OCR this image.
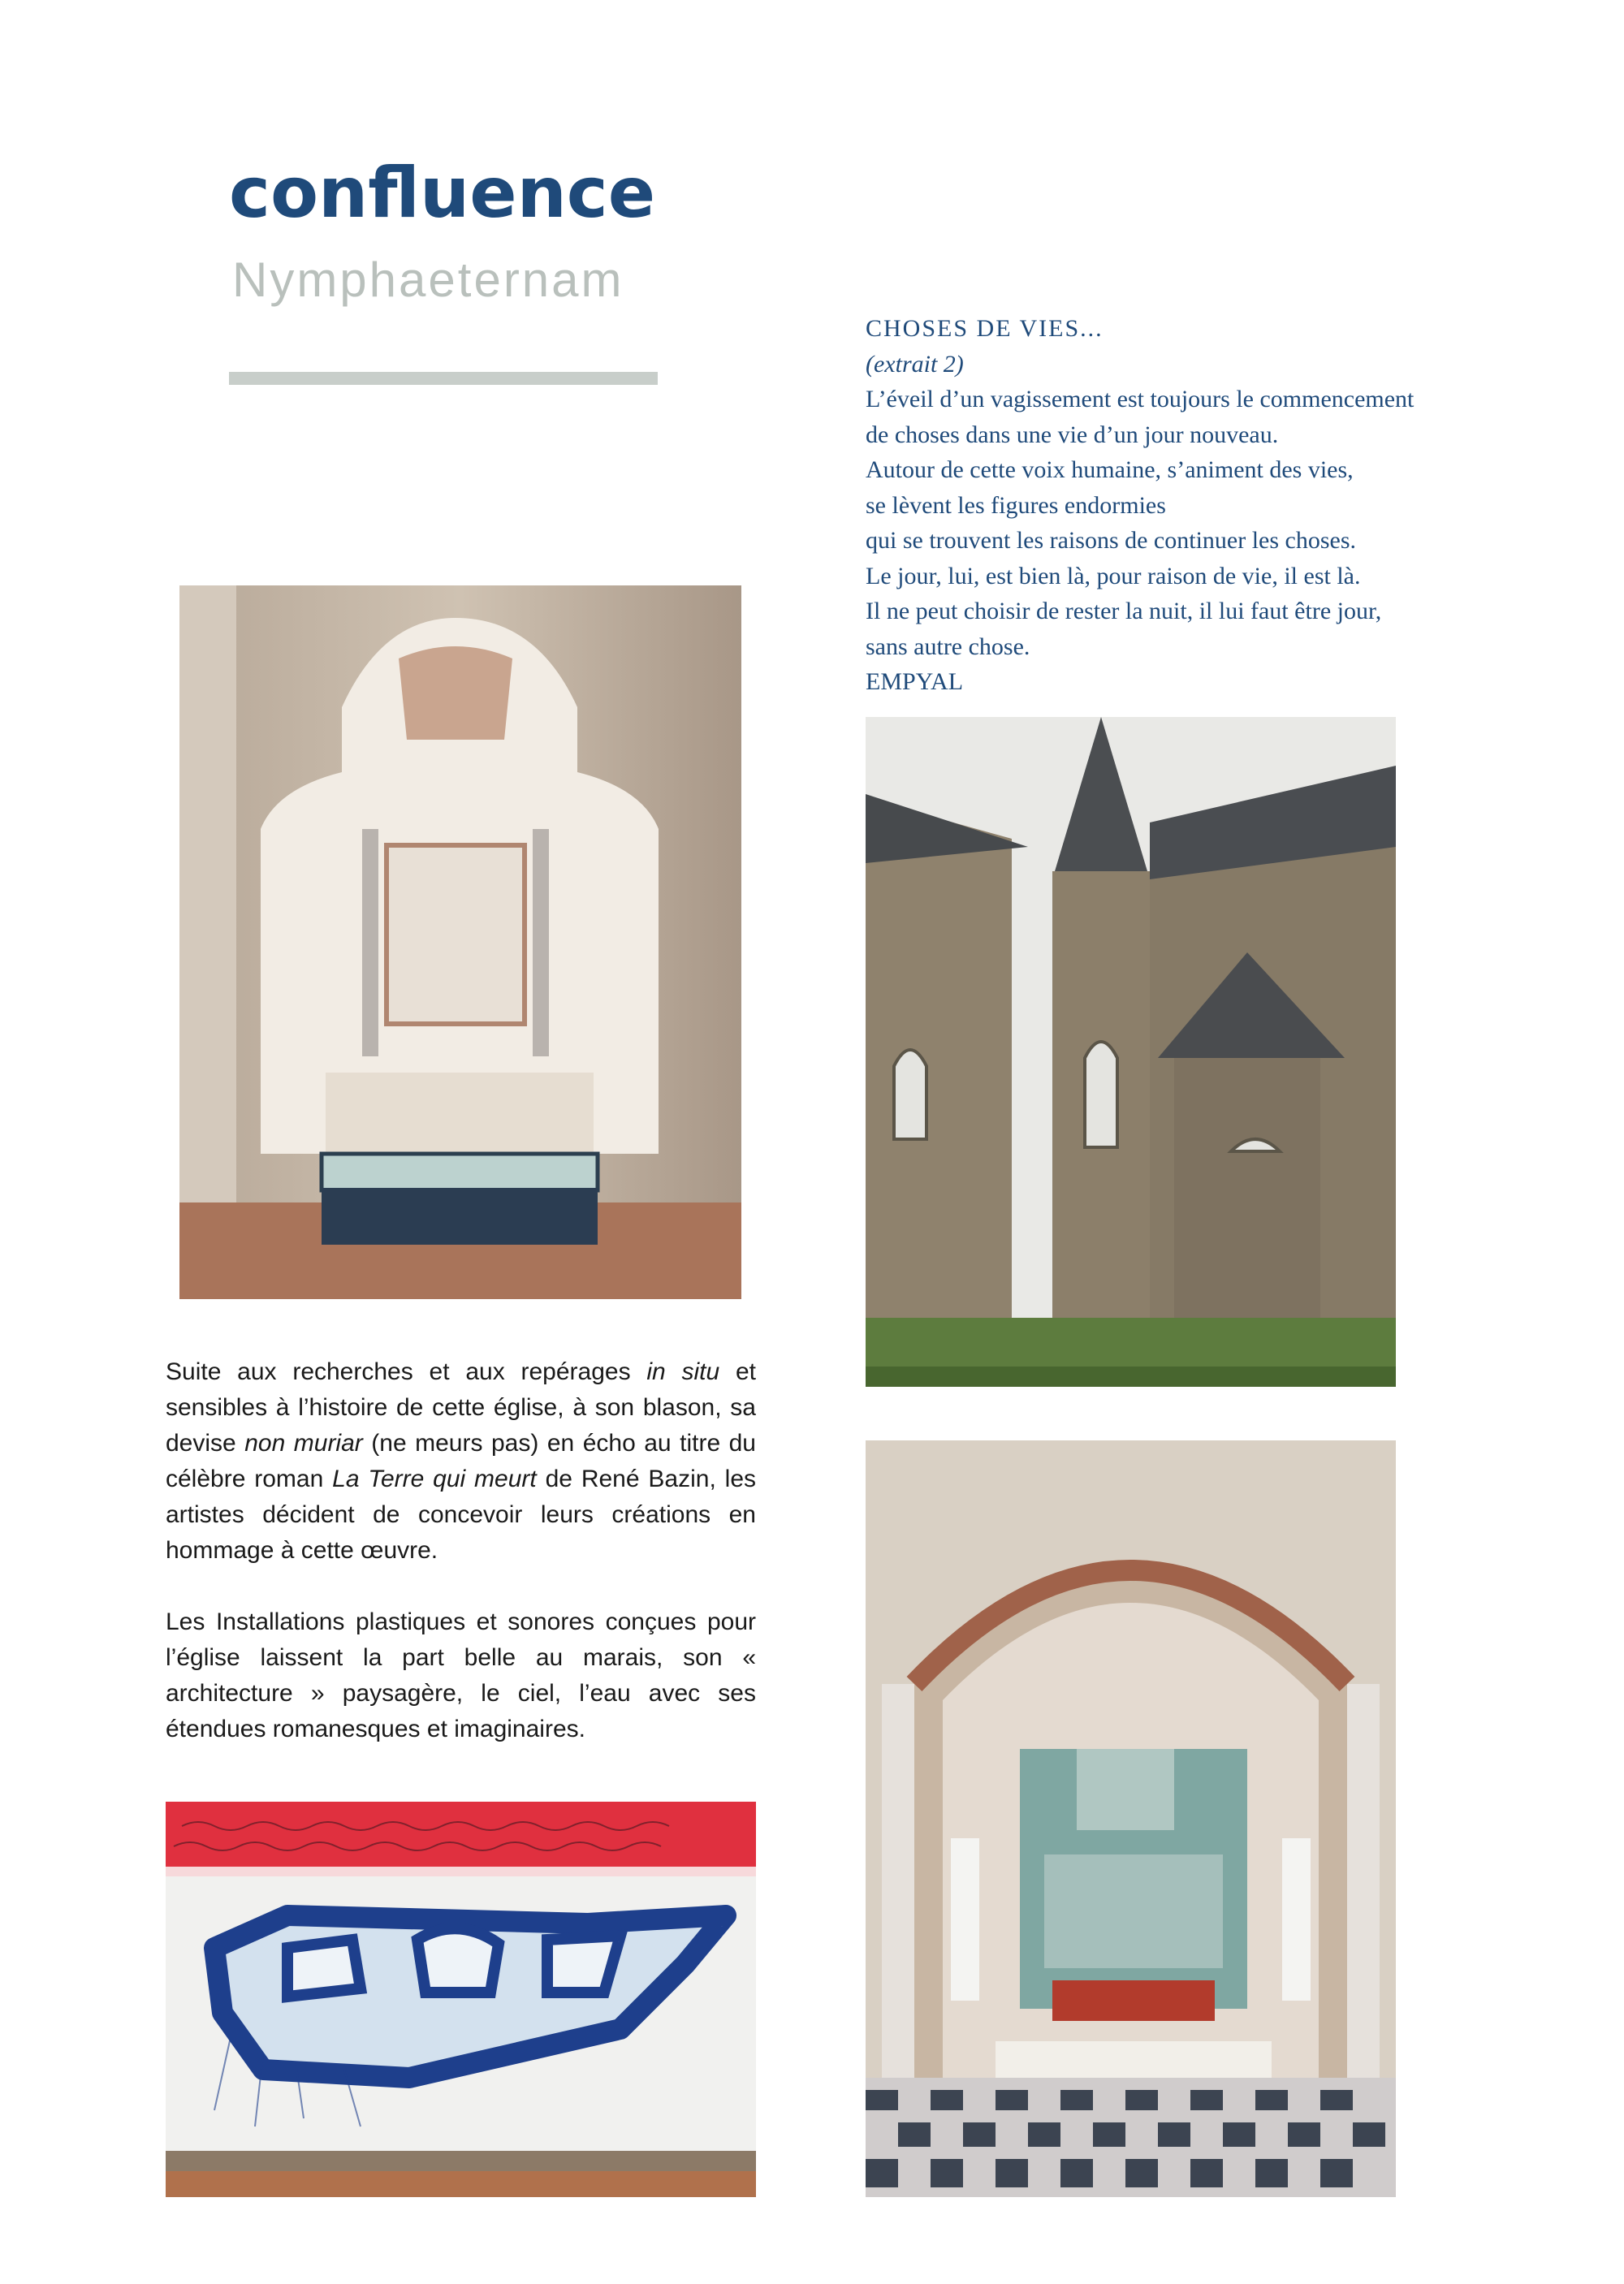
confluence
Nymphaeternam
CHOSES DE VIES...
(extrait 2)
L’éveil d’un vagissement est toujours le commencement
de choses dans une vie d’un jour nouveau.
Autour de cette voix humaine, s’animent des vies,
se lèvent les figures endormies
qui se trouvent les raisons de continuer les choses.
Le jour, lui, est bien là, pour raison de vie, il est là.
Il ne peut choisir de rester la nuit, il lui faut être jour,
sans autre chose.
EMPYAL

Suite aux recherches et aux repérages in situ et sensibles à l’histoire de cette église, à son blason, sa devise non muriar (ne meurs pas) en écho au titre du célèbre roman La Terre qui meurt de René Bazin, les artistes décident de concevoir leurs créations en hommage à cette œuvre.

Les Installations plastiques et sonores conçues pour l’église laissent la part belle au marais, son « architecture » paysagère, le ciel, l’eau avec ses étendues romanesques et imaginaires.
